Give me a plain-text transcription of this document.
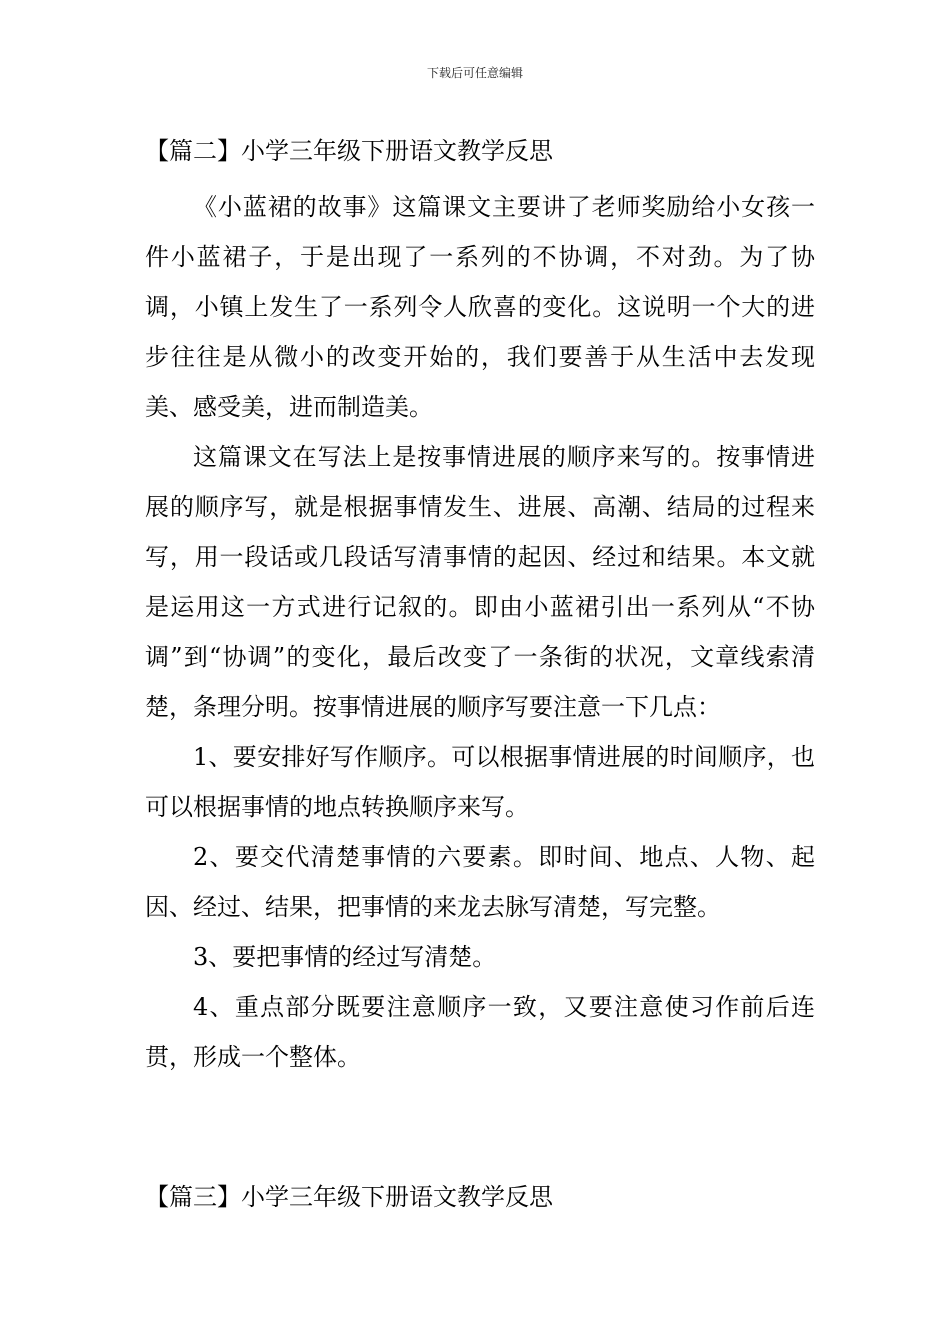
下载后可任意编辑
【篇二】小学三年级下册语文教学反思

《小蓝裙的故事》这篇课文主要讲了老师奖励给小女孩一件小蓝裙子，于是出现了一系列的不协调，不对劲。为了协调，小镇上发生了一系列令人欣喜的变化。这说明一个大的进步往往是从微小的改变开始的，我们要善于从生活中去发现美、感受美，进而制造美。

这篇课文在写法上是按事情进展的顺序来写的。按事情进展的顺序写，就是根据事情发生、进展、高潮、结局的过程来写，用一段话或几段话写清事情的起因、经过和结果。本文就是运用这一方式进行记叙的。即由小蓝裙引出一系列从“不协调”到“协调”的变化，最后改变了一条街的状况，文章线索清楚，条理分明。按事情进展的顺序写要注意一下几点：

1、要安排好写作顺序。可以根据事情进展的时间顺序，也可以根据事情的地点转换顺序来写。

2、要交代清楚事情的六要素。即时间、地点、人物、起因、经过、结果，把事情的来龙去脉写清楚，写完整。

3、要把事情的经过写清楚。

4、重点部分既要注意顺序一致，又要注意使习作前后连贯，形成一个整体。

【篇三】小学三年级下册语文教学反思
